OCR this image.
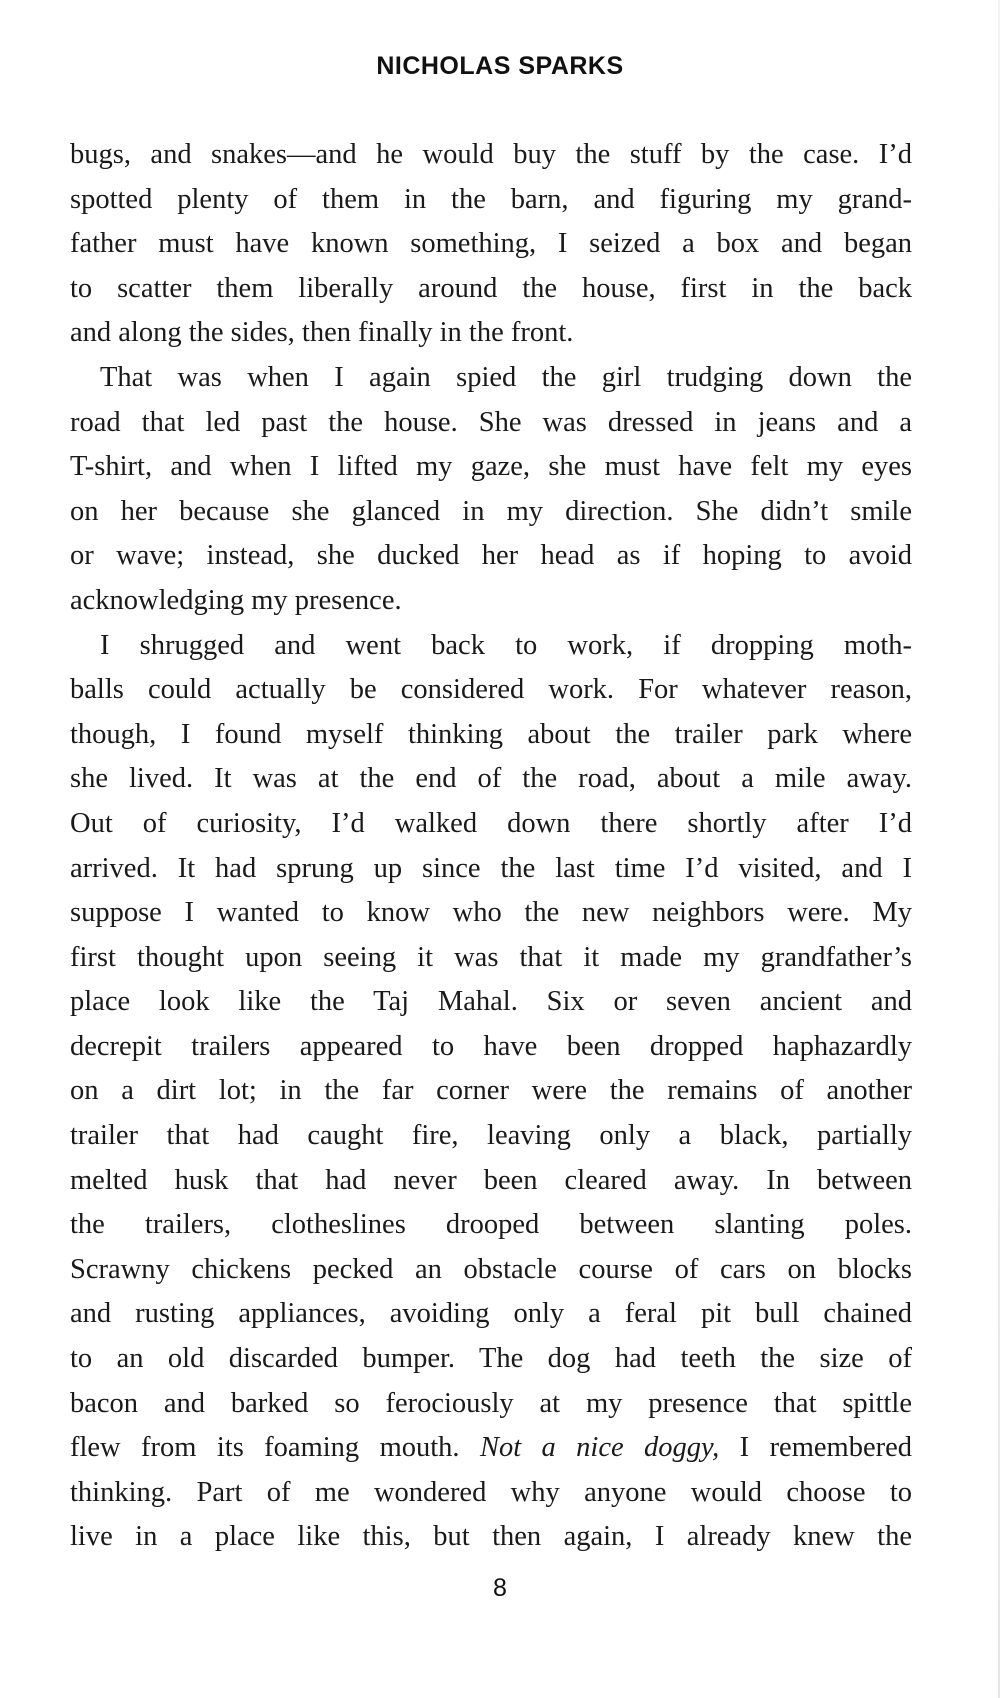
NICHOLAS SPARKS
bugs, and snakes—and he would buy the stuff by the case. I’d
spotted plenty of them in the barn, and figuring my grand-
father must have known something, I seized a box and began
to scatter them liberally around the house, first in the back
and along the sides, then finally in the front.
That was when I again spied the girl trudging down the
road that led past the house. She was dressed in jeans and a
T-shirt, and when I lifted my gaze, she must have felt my eyes
on her because she glanced in my direction. She didn’t smile
or wave; instead, she ducked her head as if hoping to avoid
acknowledging my presence.
I shrugged and went back to work, if dropping moth-
balls could actually be considered work. For whatever reason,
though, I found myself thinking about the trailer park where
she lived. It was at the end of the road, about a mile away.
Out of curiosity, I’d walked down there shortly after I’d
arrived. It had sprung up since the last time I’d visited, and I
suppose I wanted to know who the new neighbors were. My
first thought upon seeing it was that it made my grandfather’s
place look like the Taj Mahal. Six or seven ancient and
decrepit trailers appeared to have been dropped haphazardly
on a dirt lot; in the far corner were the remains of another
trailer that had caught fire, leaving only a black, partially
melted husk that had never been cleared away. In between
the trailers, clotheslines drooped between slanting poles.
Scrawny chickens pecked an obstacle course of cars on blocks
and rusting appliances, avoiding only a feral pit bull chained
to an old discarded bumper. The dog had teeth the size of
bacon and barked so ferociously at my presence that spittle
flew from its foaming mouth. Not a nice doggy, I remembered
thinking. Part of me wondered why anyone would choose to
live in a place like this, but then again, I already knew the
8
